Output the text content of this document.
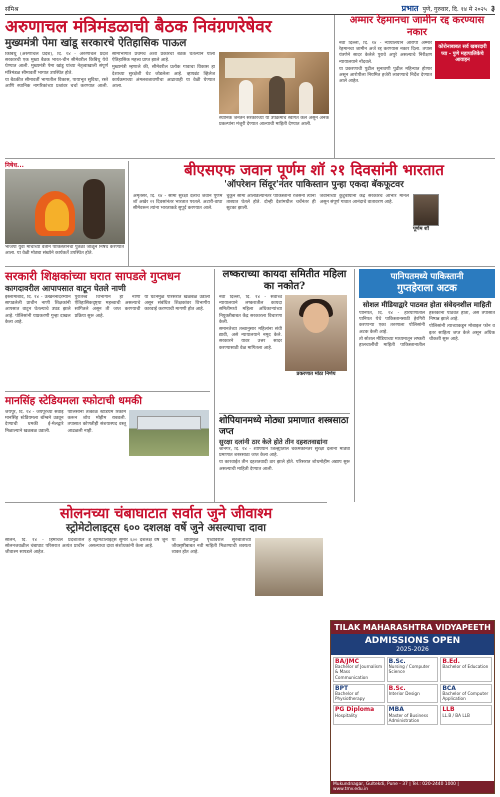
संमिश्र	प्रभात पुणे, गुरुवार, दि. १४ मे २०२५ ३
अरुणाचल मंत्रिमंडळाची बैठक निवंग्रणरेषेवर
मुख्यमंत्री पेमा खांडू सरकारचे ऐतिहासिक पाऊल

किबिथु (अरुणाचल प्रदेश), दि. १४ - अरुणाचल प्रदेश सरकारची एक मुख्य बैठक भारत-चीन सीमेवरील किबिथु येथे घेण्यात आली. मुख्यमंत्री पेमा खांडू यांच्या नेतृत्वाखाली संपूर्ण मंत्रिमंडळ सीमावर्ती भागात उपस्थित होते.

या बैठकीत सीमावर्ती भागातील विकास, पायाभूत सुविधा, रस्ते आणि स्थानिक नागरिकांच्या प्रश्नांवर चर्चा करण्यात आली. सीमाभागात प्रथमच अशा प्रकारची बैठक घेतल्याने याला ऐतिहासिक महत्त्व प्राप्त झाले आहे.

मुख्यमंत्री म्हणाले की, सीमेवरील प्रत्येक गावाचा विकास हा देशाच्या सुरक्षेशी थेट जोडलेला आहे. व्हायब्रंट व्हिलेज कार्यक्रमाच्या अंमलबजावणीचा आढावाही या वेळी घेण्यात आला.

स्थानिक जनतेने सरकारच्या या उपक्रमाचे स्वागत केले असून अनेक प्रकल्पांना मंजुरी देण्यात आल्याची माहिती देण्यात आली.

अम्मार रेहमानचा जामीन रद्द करण्यास नकार

नवी दिल्ली, दि. १४ - न्यायालयाने आरोपी अम्मार रेहमानचा जामीन अर्ज रद्द करण्यास नकार दिला. तपास यंत्रणेने सादर केलेले पुरावे अपुरे असल्याचे निरीक्षण न्यायालयाने नोंदवले.

या प्रकरणाची पुढील सुनावणी पुढील महिन्यात होणार असून आरोपीला नियमित हजेरी लावण्याचे निर्देश देण्यात आले आहेत.

कोरोनाबाबत सर्व खबरदारी घ्या - पुणे महापालिकेचे आवाहन
निषेध...
भाजपा युवा मोर्चाच्या वतीने पाकिस्तानचा पुतळा जाळून निषेध करण्यात आला. या वेळी मोठ्या संख्येने कार्यकर्ते उपस्थित होते.
बीएसएफ जवान पूर्णम शॉ २१ दिवसांनी भारतात
'ऑपरेशन सिंदूर'नंतर पाकिस्तान पुन्हा एकदा बॅकफूटवर

अमृतसर, दि. १४ - सीमा सुरक्षा दलाचे जवान पूर्णम शॉ अखेर २१ दिवसांनंतर भारतात परतले. अटारी-वाघा सीमेवरून त्यांना भारताकडे सुपूर्द करण्यात आले.

चुकून सीमा ओलांडल्यानंतर पाकिस्तानी रेंजर्सनी त्यांना ताब्यात घेतले होते. दोन्ही देशांमधील चर्चेनंतर ही सुटका झाली.

जवानाच्या कुटुंबीयांनी केंद्र सरकारचे आभार मानले असून संपूर्ण गावात आनंदाचे वातावरण आहे.

पूर्णम शॉ
सरकारी शिक्षकांच्या घरात सापडले गुप्तधन
कागदावरील आपापसात वाटून घेतले नाणी

इस्लामाबाद, दि. १४ - उत्खननादरम्यान सापडलेली प्राचीन नाणी शिक्षकांनी आपसात वाटून घेतल्याचे उघड झाले आहे. पोलिसांनी याप्रकरणी गुन्हा दाखल केला आहे.

पुरातत्त्व विभागाने ही नाणी ऐतिहासिकदृष्ट्या महत्त्वाची असल्याचे सांगितले असून ती जप्त करण्याची प्रक्रिया सुरू आहे.

या घटनेमुळे परिसरात खळबळ उडाली असून संबंधित शिक्षकांवर विभागीय कारवाई करण्याची मागणी होत आहे.

मानसिंह स्टेडियमला स्फोटाची धमकी

जयपूर, दि. १४ - जयपूरच्या सवाई मानसिंह स्टेडियमला बॉम्बने उडवून देण्याची धमकी ई-मेलद्वारे मिळाल्याने खळबळ उडाली.

पोलिसांनी तत्काळ स्टेडियम रिकामे करून शोध मोहीम राबवली. तपासात कोणतीही संशयास्पद वस्तू आढळली नाही.

लष्कराच्या कायदा समितीत महिला का नकोत?

नवी दिल्ली, दि. १४ - सर्वोच्च न्यायालयाने लष्करातील कायदा समितीमध्ये महिला अधिकाऱ्यांच्या नियुक्तीबाबत केंद्र सरकारला विचारणा केली.

समानतेच्या तत्त्वानुसार महिलांना संधी द्यावी, असे न्यायालयाने नमूद केले. सरकारने यावर उत्तर सादर करण्यासाठी वेळ मागितला आहे.

प्रकरणात मोठा निर्णय
शोपियानमध्ये मोठ्या प्रमाणात शस्त्रसाठा जप्त
सुरक्षा दलांनी ठार केले होते तीन दहशतवाद्यांना

श्रीनगर, दि. १४ - शोपियान जिल्ह्यातील चकमकीनंतर सुरक्षा दलांनी मोठ्या प्रमाणात शस्त्रसाठा जप्त केला आहे.

या कारवाईत तीन दहशतवादी ठार झाले होते. परिसरात शोधमोहीम अद्याप सुरू असल्याची माहिती देण्यात आली.

पानिपतमध्ये पाकिस्तानी
गुप्तहेराला अटक
सोशल मीडियाद्वारे पाठवत होता संवेदनशील माहिती

पानिपत, दि. १४ - हरियाणातील पानिपत येथे पाकिस्तानसाठी हेरगिरी करणाऱ्या एका तरुणाला पोलिसांनी अटक केली आहे.

तो सोशल मीडियाच्या माध्यमातून लष्करी हालचालींची माहिती पाकिस्तानातील हस्तकांना पाठवत होता, असे तपासात निष्पन्न झाले आहे.

पोलिसांनी त्याच्याकडून मोबाइल फोन व इतर साहित्य जप्त केले असून अधिक चौकशी सुरू आहे.

सोलनच्या चंबाघाटात सर्वात जुने जीवाश्म
स्ट्रोमेटोलाइट्स ६०० दशलक्ष वर्षे जुने असल्याचा दावा

सोलन, दि. १४ - हिमाचल प्रदेशातील सोलनजवळील चंबाघाट परिसरात अत्यंत प्राचीन जीवाश्म सापडले आहेत.

हे स्ट्रोमेटोलाइट्स सुमारे ६०० दशलक्ष वर्षे जुने असल्याचा दावा संशोधकांनी केला आहे.

या शोधामुळे पृथ्वीवरील सुरुवातीच्या जीवसृष्टीबाबत नवी माहिती मिळण्याची शक्यता व्यक्त होत आहे.

TILAK MAHARASHTRA VIDYAPEETH
ADMISSIONS OPEN
2025-2026
BA/JMC
Bachelor of Journalism & Mass Communication
B.Sc.
Nursing / Computer Science
B.Ed.
Bachelor of Education
BPT
Bachelor of Physiotherapy
B.Sc.
Interior Design
BCA
Bachelor of Computer Application
PG Diploma
Hospitality
MBA
Master of Business Administration
LLB
LL.B / BA LLB
Mukundnagar, Gultekdi, Pune - 37 | Tel.: 020-2440 1000 | www.tmv.edu.in
